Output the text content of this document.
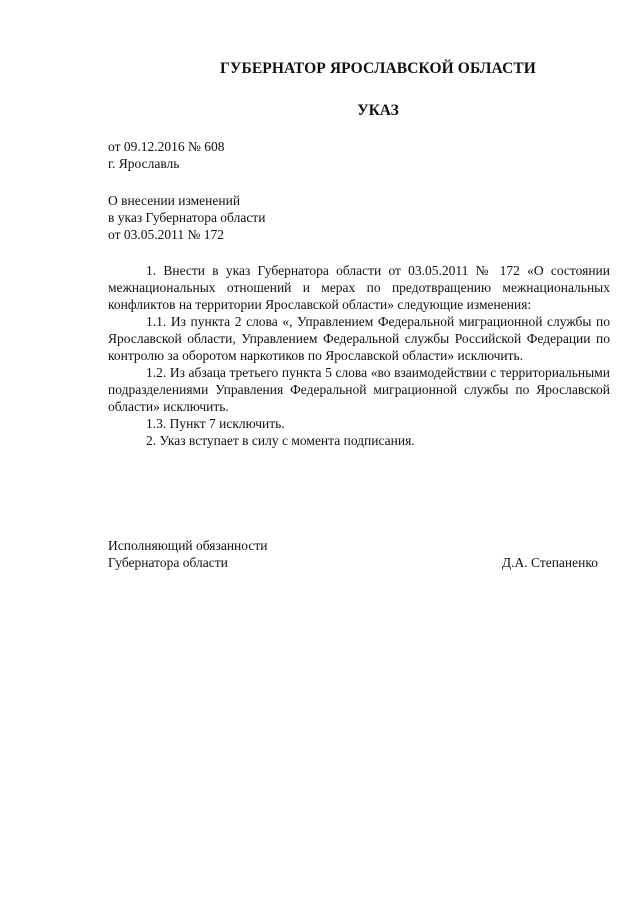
ГУБЕРНАТОР ЯРОСЛАВСКОЙ ОБЛАСТИ
УКАЗ
от 09.12.2016 № 608
г. Ярославль
О внесении изменений
в указ Губернатора области
от 03.05.2011 № 172

1. Внести в указ Губернатора области от 03.05.2011 № 172 «О состоянии межнациональных отношений и мерах по предотвращению межнациональных конфликтов на территории Ярославской области» следующие изменения:

1.1. Из пункта 2 слова «, Управлением Федеральной миграционной службы по Ярославской области, Управлением Федеральной службы Российской Федерации по контролю за оборотом наркотиков по Ярославской области» исключить.

1.2. Из абзаца третьего пункта 5 слова «во взаимодействии с территориальными подразделениями Управления Федеральной миграционной службы по Ярославской области» исключить.

1.3. Пункт 7 исключить.

2. Указ вступает в силу с момента подписания.

Исполняющий обязанности
Губернатора области	Д.А. Степаненко
